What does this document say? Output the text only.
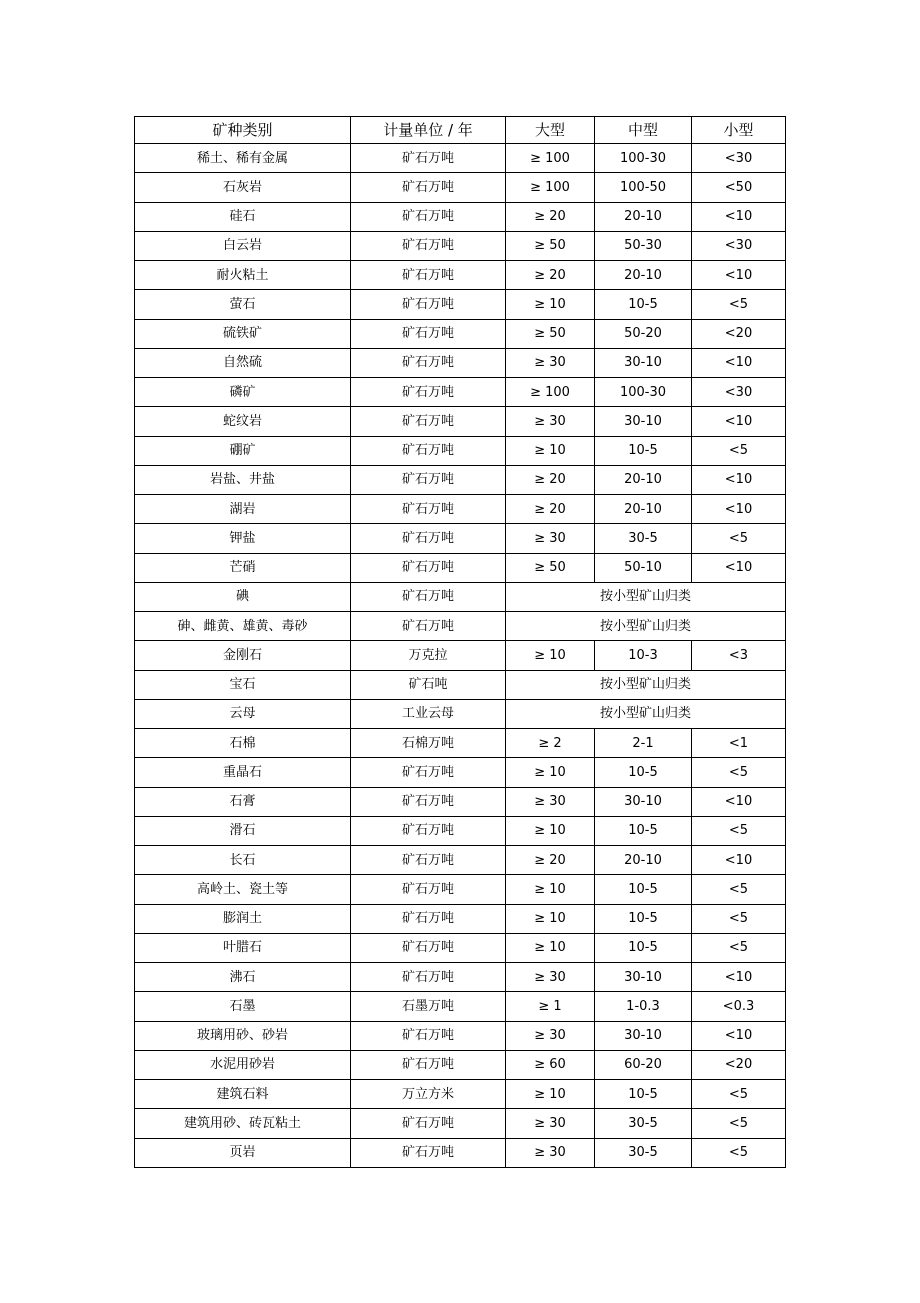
矿种类别	计量单位 / 年	大型	中型	小型
稀土、稀有金属	矿石万吨	≥ 100	100-30	<30
石灰岩	矿石万吨	≥ 100	100-50	<50
硅石	矿石万吨	≥ 20	20-10	<10
白云岩	矿石万吨	≥ 50	50-30	<30
耐火粘土	矿石万吨	≥ 20	20-10	<10
萤石	矿石万吨	≥ 10	10-5	<5
硫铁矿	矿石万吨	≥ 50	50-20	<20
自然硫	矿石万吨	≥ 30	30-10	<10
磷矿	矿石万吨	≥ 100	100-30	<30
蛇纹岩	矿石万吨	≥ 30	30-10	<10
硼矿	矿石万吨	≥ 10	10-5	<5
岩盐、井盐	矿石万吨	≥ 20	20-10	<10
湖岩	矿石万吨	≥ 20	20-10	<10
钾盐	矿石万吨	≥ 30	30-5	<5
芒硝	矿石万吨	≥ 50	50-10	<10
碘	矿石万吨	按小型矿山归类		
砷、雌黄、雄黄、毒砂	矿石万吨	按小型矿山归类		
金刚石	万克拉	≥ 10	10-3	<3
宝石	矿石吨	按小型矿山归类		
云母	工业云母	按小型矿山归类		
石棉	石棉万吨	≥ 2	2-1	<1
重晶石	矿石万吨	≥ 10	10-5	<5
石膏	矿石万吨	≥ 30	30-10	<10
滑石	矿石万吨	≥ 10	10-5	<5
长石	矿石万吨	≥ 20	20-10	<10
高岭土、瓷土等	矿石万吨	≥ 10	10-5	<5
膨润土	矿石万吨	≥ 10	10-5	<5
叶腊石	矿石万吨	≥ 10	10-5	<5
沸石	矿石万吨	≥ 30	30-10	<10
石墨	石墨万吨	≥ 1	1-0.3	<0.3
玻璃用砂、砂岩	矿石万吨	≥ 30	30-10	<10
水泥用砂岩	矿石万吨	≥ 60	60-20	<20
建筑石料	万立方米	≥ 10	10-5	<5
建筑用砂、砖瓦粘土	矿石万吨	≥ 30	30-5	<5
页岩	矿石万吨	≥ 30	30-5	<5
